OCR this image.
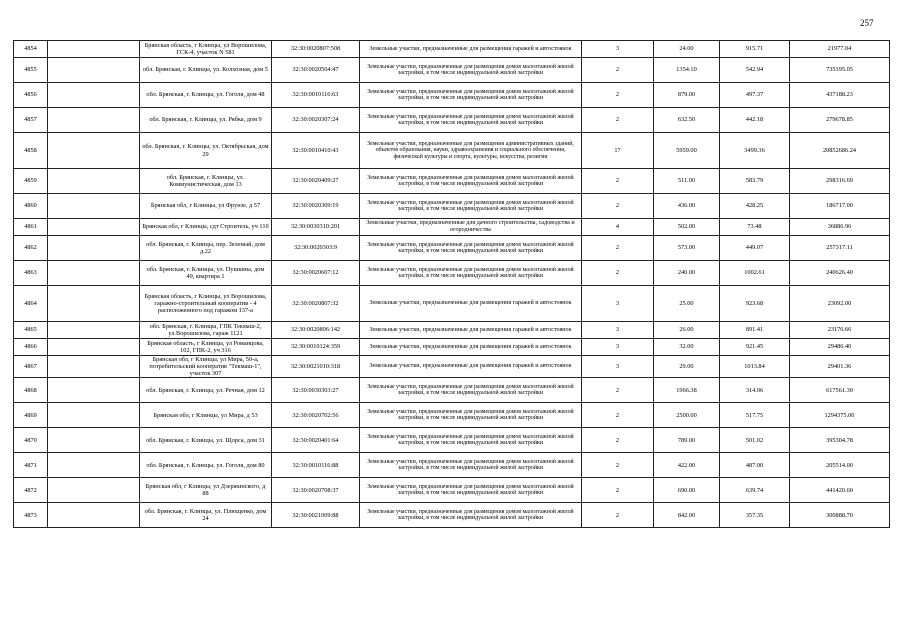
257
4854		Брянская область, г Клинцы, ул Ворошилова, ГСК-4, участок N 581	32:30:0020807:508	Земельные участки, предназначенные для размещения гаражей и автостоянок	3	24.00	915.71	21977.04
4855		обл. Брянская, г. Клинцы, ул. Колхозная, дом 5	32:30:0020504:47	Земельные участки, предназначенные для размещения домов малоэтажной жилой застройки, в том числе индивидуальной жилой застройки	2	1354.10	542.94	735195.05
4856		обл. Брянская, г. Клинцы, ул. Гоголя, дом 48	32:30:0010116:63	Земельные участки, предназначенные для размещения домов малоэтажной жилой застройки, в том числе индивидуальной жилой застройки	2	879.00	497.37	437188.23
4857		обл. Брянская, г. Клинцы, ул. Рябка, дом 9	32:30:0020307:24	Земельные участки, предназначенные для размещения домов малоэтажной жилой застройки, в том числе индивидуальной жилой застройки	2	632.50	442.18	279678.85
4858		обл. Брянская, г. Клинцы, ул. Октябрьская, дом 29	32:30:0010410:43	Земельные участки, предназначенные для размещения административных зданий, объектов образования, науки, здравоохранения и социального обеспечения, физической культуры и спорта, культуры, искусства, религии	17	5959.00	3499.36	20852686.24
4859		обл. Брянская, г. Клинцы, ул. Коммунистическая, дом 13	32:30:0020409:27	Земельные участки, предназначенные для размещения домов малоэтажной жилой застройки, в том числе индивидуальной жилой застройки	2	511.00	583.79	298316.69
4860		Брянская обл, г Клинцы, ул Фрунзе, д 57	32:30:0020309:19	Земельные участки, предназначенные для размещения домов малоэтажной жилой застройки, в том числе индивидуальной жилой застройки	2	436.00	428.25	186717.00
4861		Брянская обл, г Клинцы, сдт Строитель, уч 110	32:30:0030310:201	Земельные участки, предназначенные для дачного строительства, садоводства и огородничества	4	502.00	73.48	36886.96
4862		обл. Брянская, г. Клинцы, пер. Зеленый, дом д.22	32:30:0020303:9	Земельные участки, предназначенные для размещения домов малоэтажной жилой застройки, в том числе индивидуальной жилой застройки	2	573.00	449.07	257317.11
4863		обл. Брянская, г. Клинцы, ул. Пушкина, дом 49, квартира 1	32:30:0020607:12	Земельные участки, предназначенные для размещения домов малоэтажной жилой застройки, в том числе индивидуальной жилой застройки	2	240.00	1002.61	240626.40
4864		Брянская область, г Клинцы, ул Ворошилова, гаражно-строительный кооператив - 4 расположенного под гаражом 137-а	32:30:0020807:32	Земельные участки, предназначенные для размещения гаражей и автостоянок	3	25.00	923.68	23092.00
4865		обл. Брянская, г. Клинцы, ГПК Текмаш-2, ул.Ворошилова, гараж 1121	32:30:0020806:142	Земельные участки, предназначенные для размещения гаражей и автостоянок	3	26.00	891.41	23176.66
4866		Брянская область, г Клинцы, ул Романцова, 102, ГПК-2, уч 316	32:30:0010124:359	Земельные участки, предназначенные для размещения гаражей и автостоянок	3	32.00	921.45	29486.40
4867		Брянская обл, г Клинцы, ул Мира, 50-а, потребительский кооператив "Текмаш-1", участок 307	32:30:0021010:318	Земельные участки, предназначенные для размещения гаражей и автостоянок	3	29.00	1013.84	29401.36
4868		обл. Брянская, г. Клинцы, ул. Речная, дом 12	32:30:0030303:27	Земельные участки, предназначенные для размещения домов малоэтажной жилой застройки, в том числе индивидуальной жилой застройки	2	1966.38	314.06	617561.30
4869		Брянская обл, г Клинцы, ул Мира, д 53	32:30:0020702:56	Земельные участки, предназначенные для размещения домов малоэтажной жилой застройки, в том числе индивидуальной жилой застройки	2	2500.00	517.75	1294375.00
4870		обл. Брянская, г. Клинцы, ул. Щорса, дом 31	32:30:0020401:64	Земельные участки, предназначенные для размещения домов малоэтажной жилой застройки, в том числе индивидуальной жилой застройки	2	789.00	501.02	395304.78
4871		обл. Брянская, г. Клинцы, ул. Гоголя, дом 80	32:30:0010116:88	Земельные участки, предназначенные для размещения домов малоэтажной жилой застройки, в том числе индивидуальной жилой застройки	2	422.00	487.00	205514.00
4872		Брянская обл, г Клинцы, ул Дзержинского, д 88	32:30:0020708:37	Земельные участки, предназначенные для размещения домов малоэтажной жилой застройки, в том числе индивидуальной жилой застройки	2	690.00	639.74	441420.60
4873		обл. Брянская, г. Клинцы, ул. Плющенко, дом 24	32:30:0021009:88	Земельные участки, предназначенные для размещения домов малоэтажной жилой застройки, в том числе индивидуальной жилой застройки	2	842.00	357.35	300888.70
